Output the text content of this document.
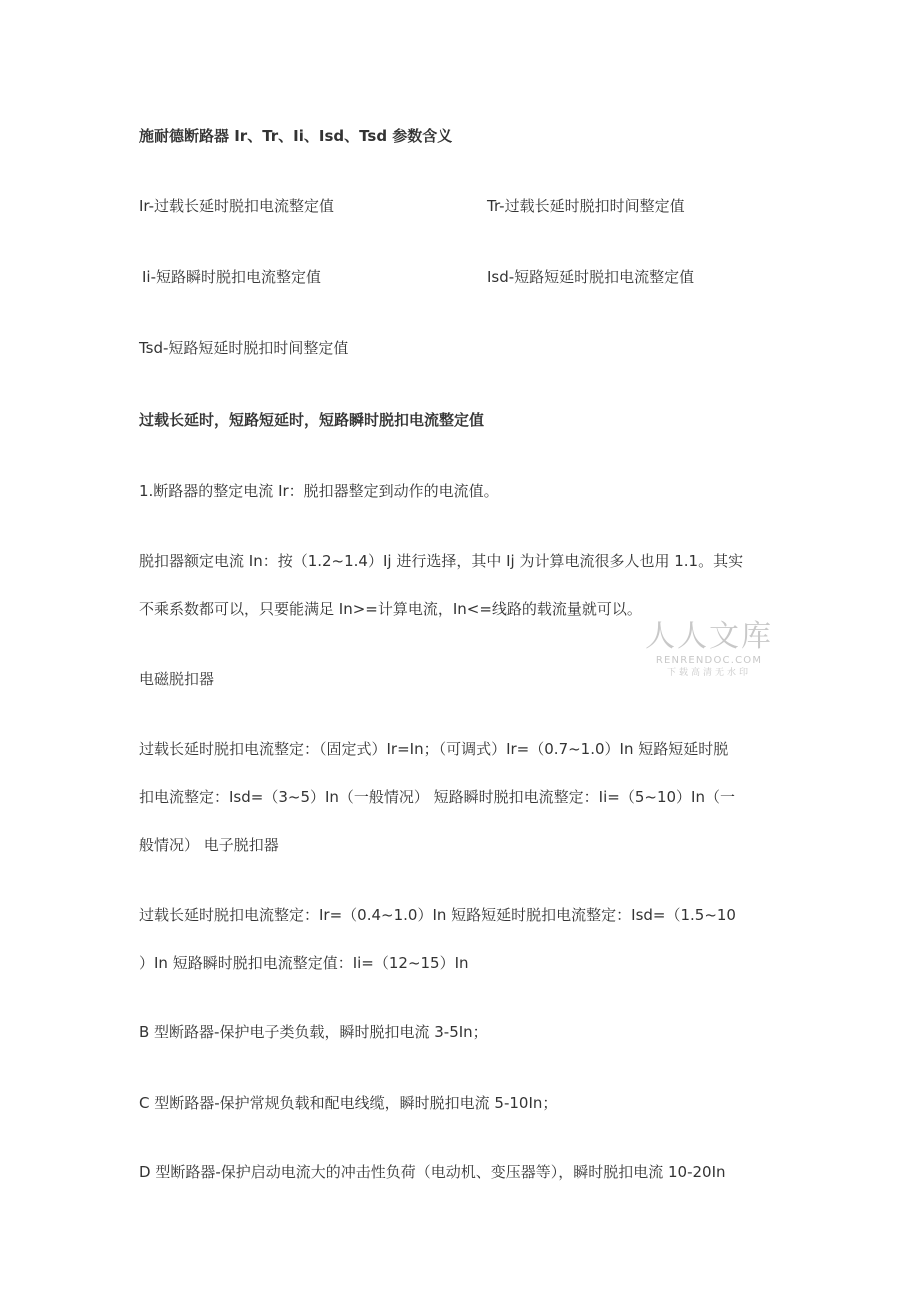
施耐德断路器 Ir、Tr、Ii、Isd、Tsd 参数含义
Ir-过载长延时脱扣电流整定值	Tr-过载长延时脱扣时间整定值
Ii-短路瞬时脱扣电流整定值	Isd-短路短延时脱扣电流整定值
Tsd-短路短延时脱扣时间整定值
过载长延时，短路短延时，短路瞬时脱扣电流整定值
1.断路器的整定电流 Ir：脱扣器整定到动作的电流值。
脱扣器额定电流 In：按（1.2~1.4）Ij 进行选择，其中 Ij 为计算电流很多人也用 1.1。其实
不乘系数都可以，只要能满足 In>=计算电流，In<=线路的载流量就可以。
电磁脱扣器
过载长延时脱扣电流整定：（固定式）Ir=In；（可调式）Ir=（0.7~1.0）In 短路短延时脱
扣电流整定：Isd=（3~5）In（一般情况） 短路瞬时脱扣电流整定：Ii=（5~10）In（一
般情况） 电子脱扣器
过载长延时脱扣电流整定：Ir=（0.4~1.0）In 短路短延时脱扣电流整定：Isd=（1.5~10
）In 短路瞬时脱扣电流整定值：Ii=（12~15）In
B 型断路器-保护电子类负载，瞬时脱扣电流 3-5In；
C 型断路器-保护常规负载和配电线缆，瞬时脱扣电流 5-10In；
D 型断路器-保护启动电流大的冲击性负荷（电动机、变压器等），瞬时脱扣电流 10-20In
人人文库
RENRENDOC.COM
下载高清无水印
